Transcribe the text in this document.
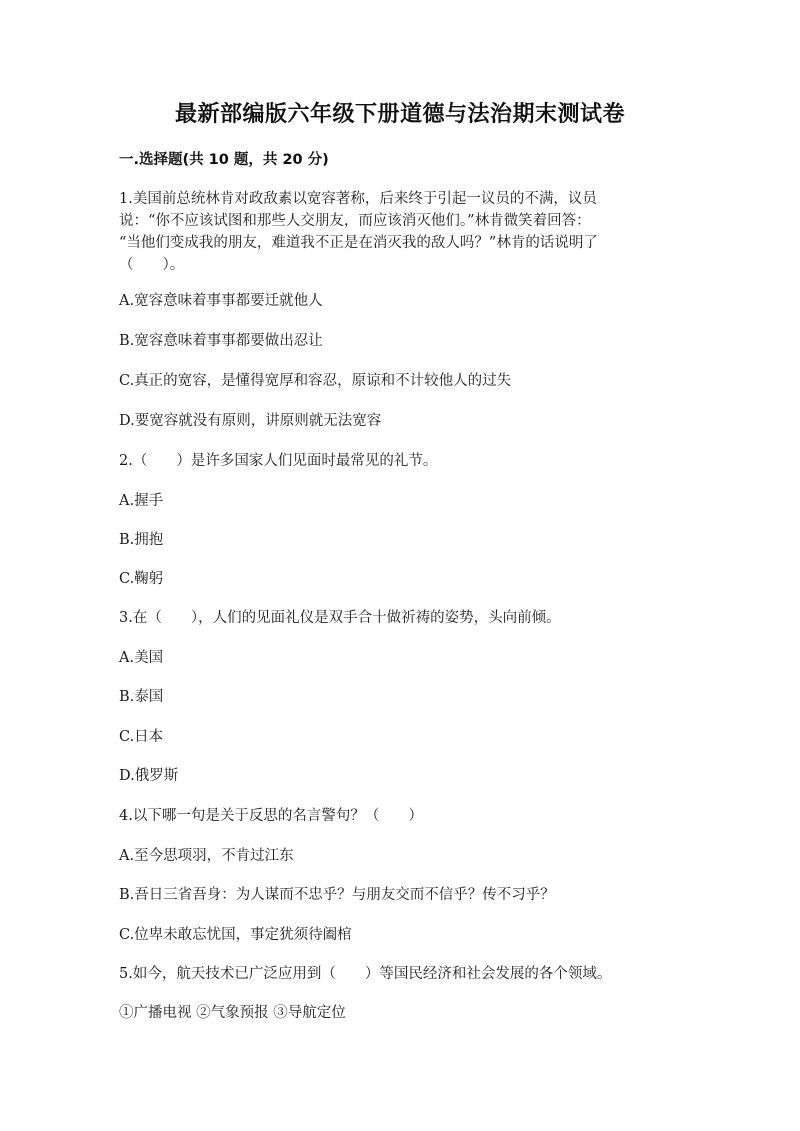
最新部编版六年级下册道德与法治期末测试卷
一.选择题(共 10 题，共 20 分)
1.美国前总统林肯对政敌素以宽容著称，后来终于引起一议员的不满，议员
说：“你不应该试图和那些人交朋友，而应该消灭他们。”林肯微笑着回答：
“当他们变成我的朋友，难道我不正是在消灭我的敌人吗？”林肯的话说明了
（　　）。
A.宽容意味着事事都要迁就他人
B.宽容意味着事事都要做出忍让
C.真正的宽容，是懂得宽厚和容忍，原谅和不计较他人的过失
D.要宽容就没有原则，讲原则就无法宽容
2.（　　）是许多国家人们见面时最常见的礼节。
A.握手
B.拥抱
C.鞠躬
3.在（　　），人们的见面礼仪是双手合十做祈祷的姿势，头向前倾。
A.美国
B.泰国
C.日本
D.俄罗斯
4.以下哪一句是关于反思的名言警句？（　　）
A.至今思项羽，不肯过江东
B.吾日三省吾身：为人谋而不忠乎？与朋友交而不信乎？传不习乎？
C.位卑未敢忘忧国，事定犹须待阖棺
5.如今，航天技术已广泛应用到（　　）等国民经济和社会发展的各个领域。
①广播电视 ②气象预报 ③导航定位
